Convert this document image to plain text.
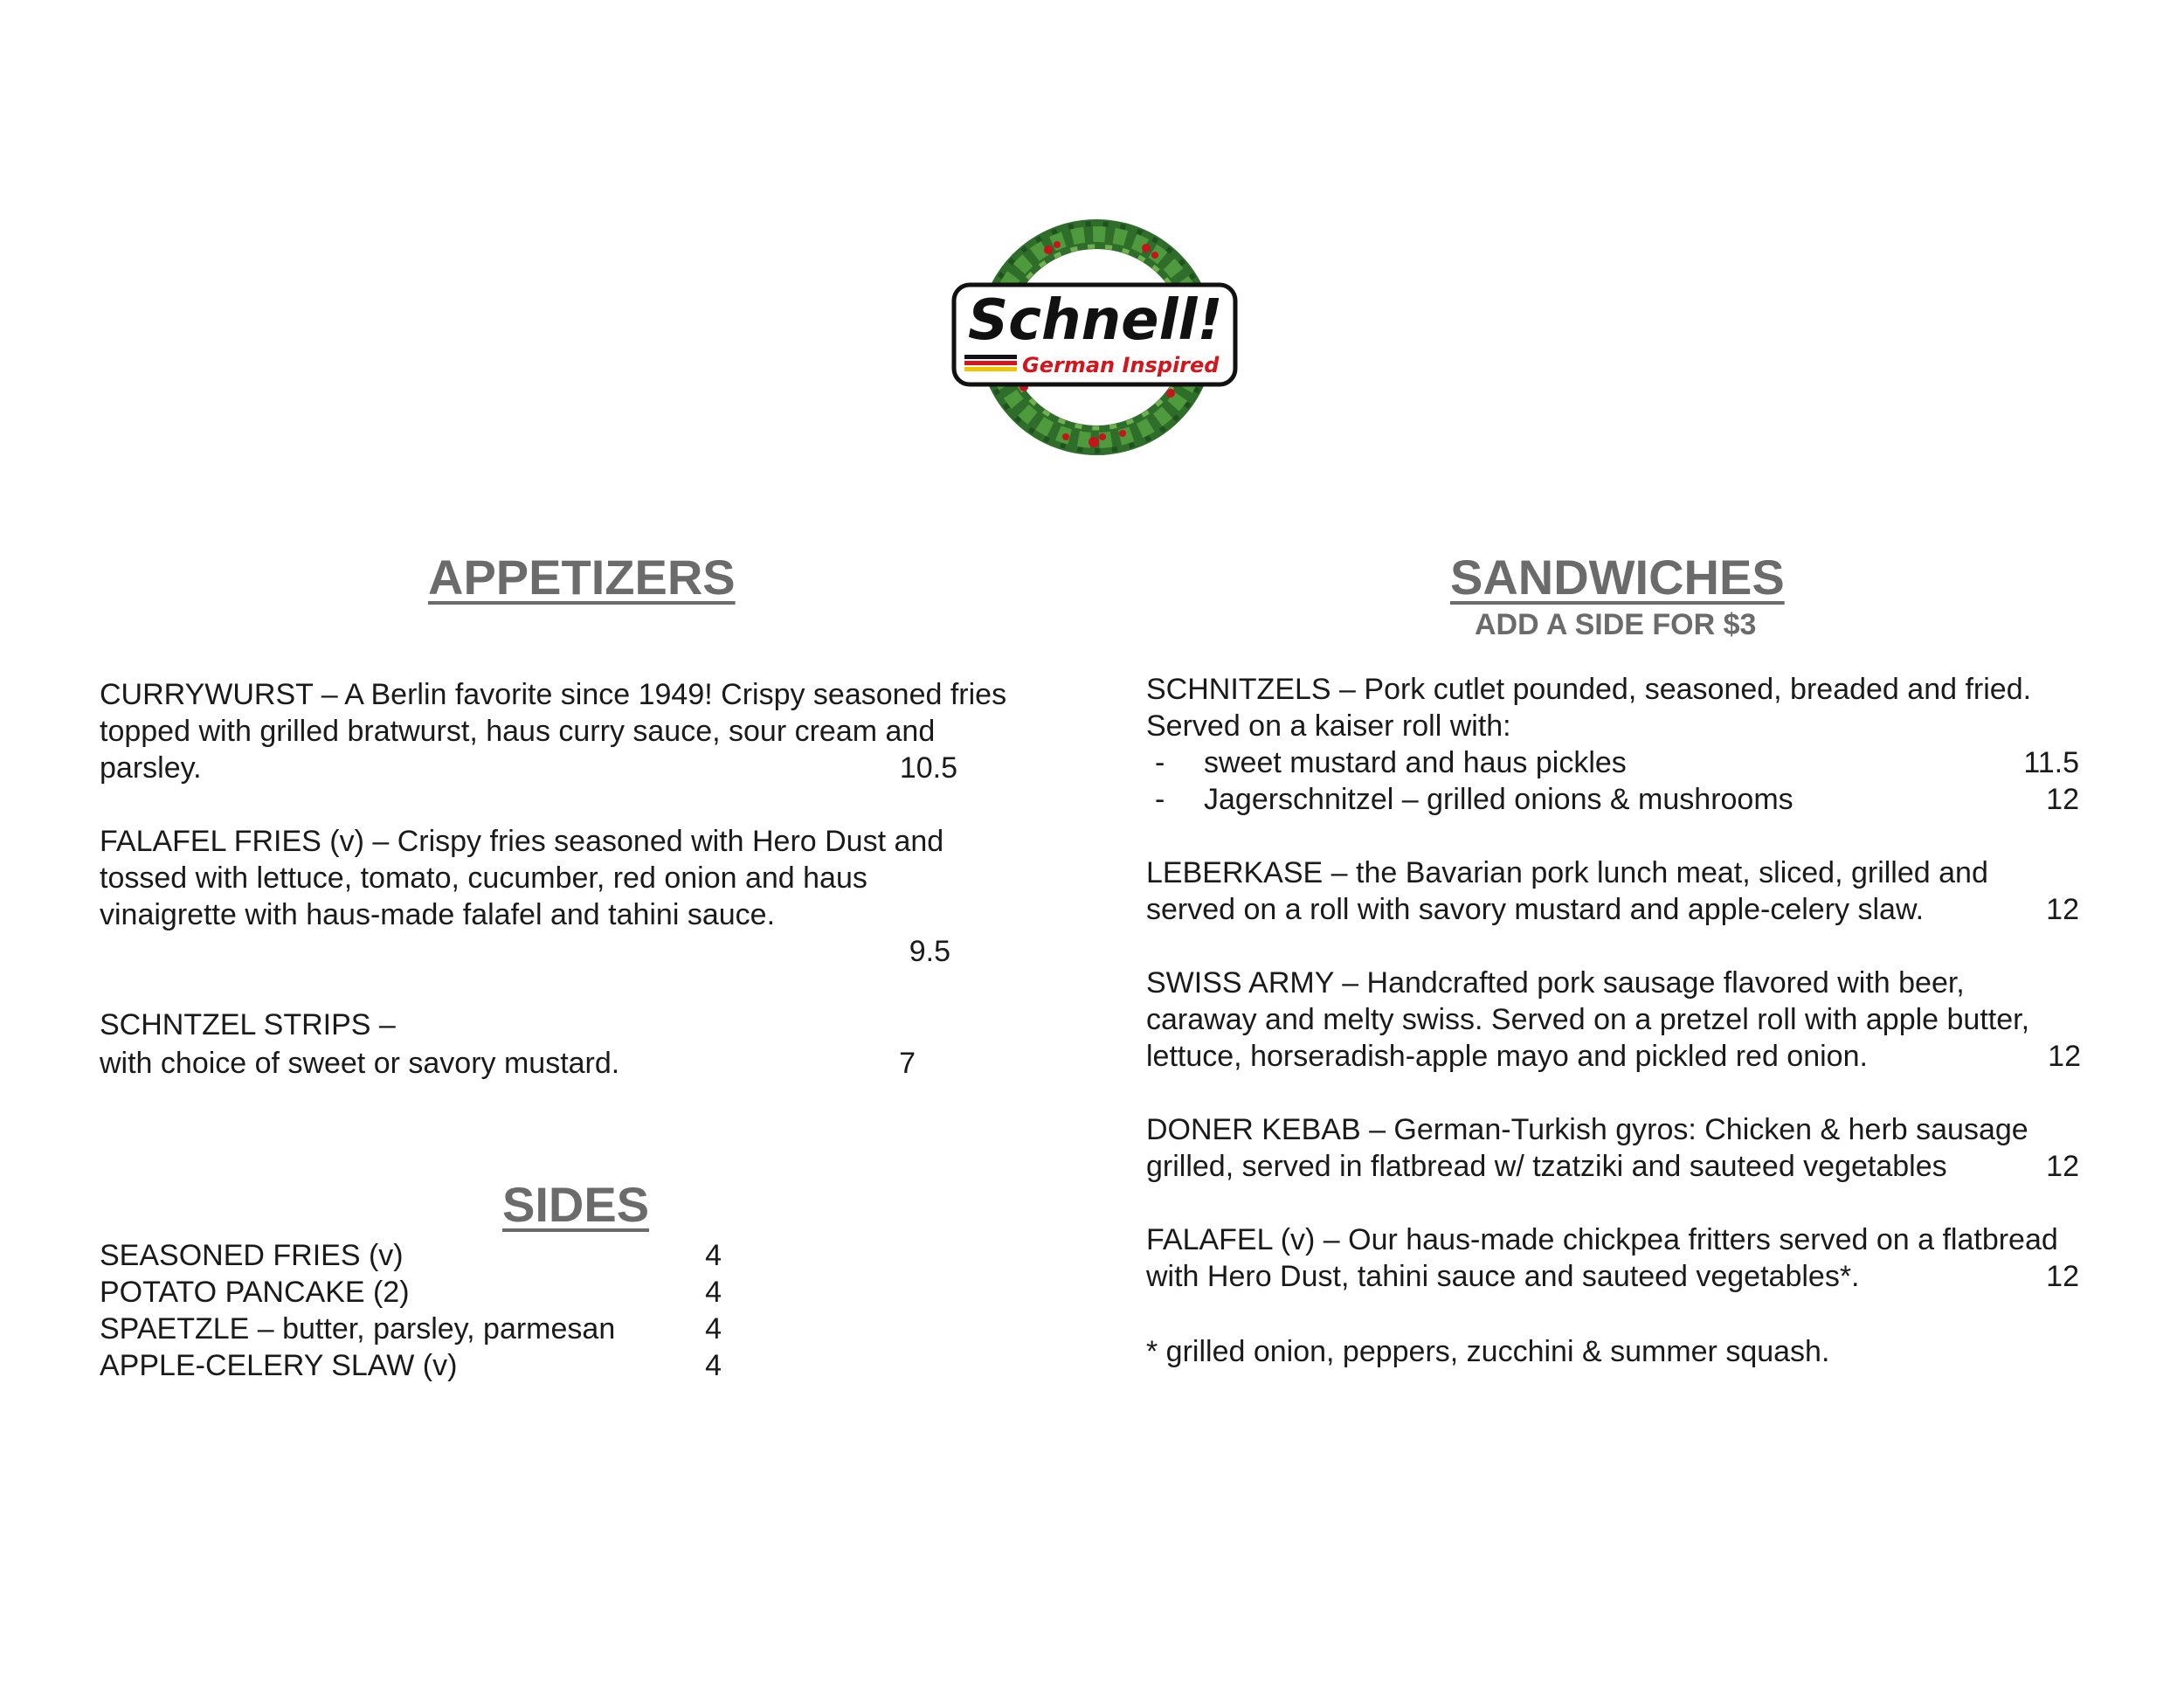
Schnell!
German Inspired
APPETIZERS
CURRYWURST – A Berlin favorite since 1949! Crispy seasoned fries
topped with grilled bratwurst, haus curry sauce, sour cream and
parsley.	10.5
FALAFEL FRIES (v) – Crispy fries seasoned with Hero Dust and
tossed with lettuce, tomato, cucumber, red onion and haus
vinaigrette with haus-made falafel and tahini sauce.
9.5
SCHNTZEL STRIPS –
with choice of sweet or savory mustard.	7
SIDES
SEASONED FRIES (v)	4
POTATO PANCAKE (2)	4
SPAETZLE – butter, parsley, parmesan	4
APPLE-CELERY SLAW (v)	4
SANDWICHES
ADD A SIDE FOR $3
SCHNITZELS – Pork cutlet pounded, seasoned, breaded and fried.
Served on a kaiser roll with:
- sweet mustard and haus pickles	11.5
- Jagerschnitzel – grilled onions & mushrooms	12
LEBERKASE – the Bavarian pork lunch meat, sliced, grilled and
served on a roll with savory mustard and apple-celery slaw.	12
SWISS ARMY – Handcrafted pork sausage flavored with beer,
caraway and melty swiss. Served on a pretzel roll with apple butter,
lettuce, horseradish-apple mayo and pickled red onion.	12
DONER KEBAB – German-Turkish gyros: Chicken & herb sausage
grilled, served in flatbread w/ tzatziki and sauteed vegetables	12
FALAFEL (v) – Our haus-made chickpea fritters served on a flatbread
with Hero Dust, tahini sauce and sauteed vegetables*.	12
* grilled onion, peppers, zucchini & summer squash.
